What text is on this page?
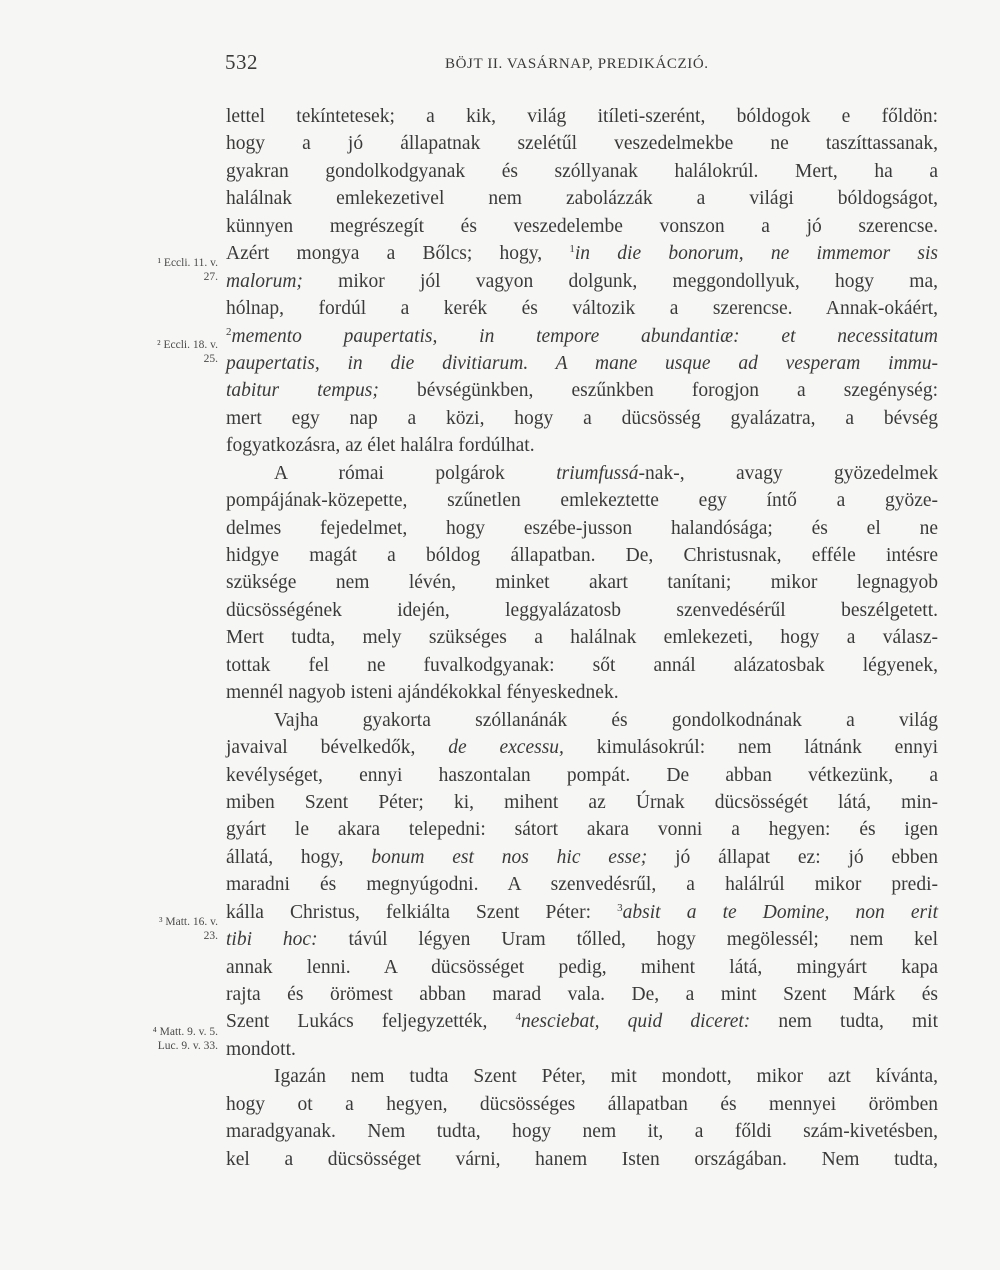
532	BÖJT II. VASÁRNAP, PREDIKÁCZIÓ.
¹ Eccli. 11. v.
27.
² Eccli. 18. v.
25.
³ Matt. 16. v.
23.
⁴ Matt. 9. v. 5.
Luc. 9. v. 33.
lettel tekíntetesek; a kik, világ itíleti-szerént, bóldogok e főldön:
hogy a jó állapatnak szelétűl veszedelmekbe ne taszíttassanak,
gyakran gondolkodgyanak és szóllyanak halálokrúl. Mert, ha a
halálnak emlekezetivel nem zabolázzák a világi bóldogságot,
künnyen megrészegít és veszedelembe vonszon a jó szerencse.
Azért mongya a Bőlcs; hogy, $^1$in die bonorum, ne immemor sis
malorum; mikor jól vagyon dolgunk, meggondollyuk, hogy ma,
hólnap, fordúl a kerék és változik a szerencse. Annak-okáért,
$^2$memento paupertatis, in tempore abundantiæ: et necessitatum
paupertatis, in die divitiarum. A mane usque ad vesperam immu-
tabitur tempus; bévségünkben, eszűnkben forogjon a szegénység:
mert egy nap a közi, hogy a dücsösség gyalázatra, a bévség
fogyatkozásra, az élet halálra fordúlhat.
A római polgárok triumfussá-nak-, avagy gyözedelmek
pompájának-közepette, szűnetlen emlekeztette egy íntő a gyöze-
delmes fejedelmet, hogy eszébe-jusson halandósága; és el ne
hidgye magát a bóldog állapatban. De, Christusnak, efféle intésre
szüksége nem lévén, minket akart tanítani; mikor legnagyob
dücsösségének idején, leggyalázatosb szenvedésérűl beszélgetett.
Mert tudta, mely szükséges a halálnak emlekezeti, hogy a válasz-
tottak fel ne fuvalkodgyanak: sőt annál alázatosbak légyenek,
mennél nagyob isteni ajándékokkal fényeskednek.
Vajha gyakorta szóllanánák és gondolkodnának a világ
javaival bévelkedők, de excessu, kimulásokrúl: nem látnánk ennyi
kevélységet, ennyi haszontalan pompát. De abban vétkezünk, a
miben Szent Péter; ki, mihent az Úrnak dücsösségét látá, min-
gyárt le akara telepedni: sátort akara vonni a hegyen: és igen
állatá, hogy, bonum est nos hic esse; jó állapat ez: jó ebben
maradni és megnyúgodni. A szenvedésrűl, a halálrúl mikor predi-
kálla Christus, felkiálta Szent Péter: $^3$absit a te Domine, non erit
tibi hoc: távúl légyen Uram tőlled, hogy megölessél; nem kel
annak lenni. A dücsösséget pedig, mihent látá, mingyárt kapa
rajta és örömest abban marad vala. De, a mint Szent Márk és
Szent Lukács feljegyzették, $^4$nesciebat, quid diceret: nem tudta, mit
mondott.
Igazán nem tudta Szent Péter, mit mondott, mikor azt kívánta,
hogy ot a hegyen, dücsösséges állapatban és mennyei örömben
maradgyanak. Nem tudta, hogy nem it, a főldi szám-kivetésben,
kel a dücsösséget várni, hanem Isten országában. Nem tudta,
